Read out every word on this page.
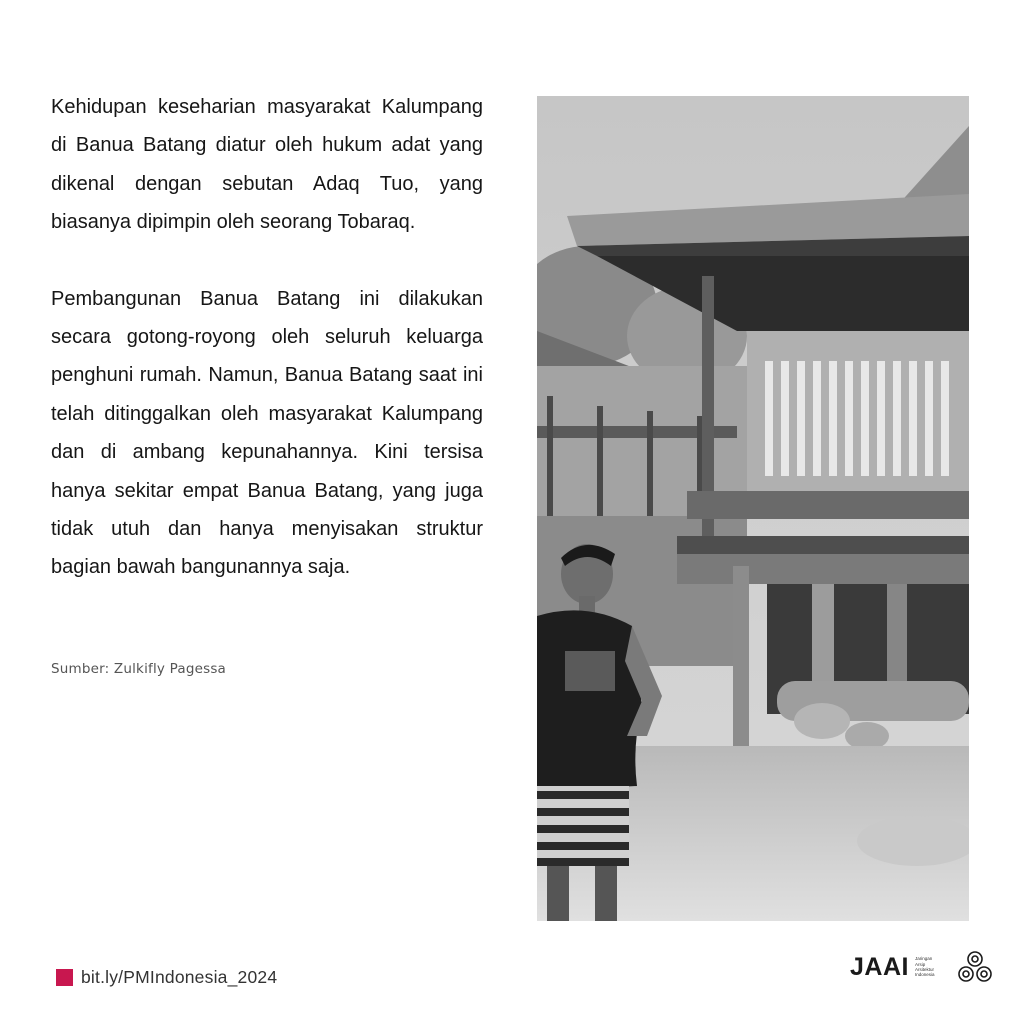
Kehidupan keseharian masyarakat Kalumpang di Banua Batang diatur oleh hukum adat yang dikenal dengan sebutan Adaq Tuo, yang biasanya dipimpin oleh seorang Tobaraq.

Pembangunan Banua Batang ini dilakukan secara gotong-royong oleh seluruh keluarga penghuni rumah. Namun, Banua Batang saat ini telah ditinggalkan oleh masyarakat Kalumpang dan di ambang kepunahannya. Kini tersisa hanya sekitar empat Banua Batang, yang juga tidak utuh dan hanya menyisakan struktur bagian bawah bangunannya saja.

Sumber: Zulkifly Pagessa
bit.ly/PMIndonesia_2024	JAAI Jaringan Arsip Arsitektur Indonesia
